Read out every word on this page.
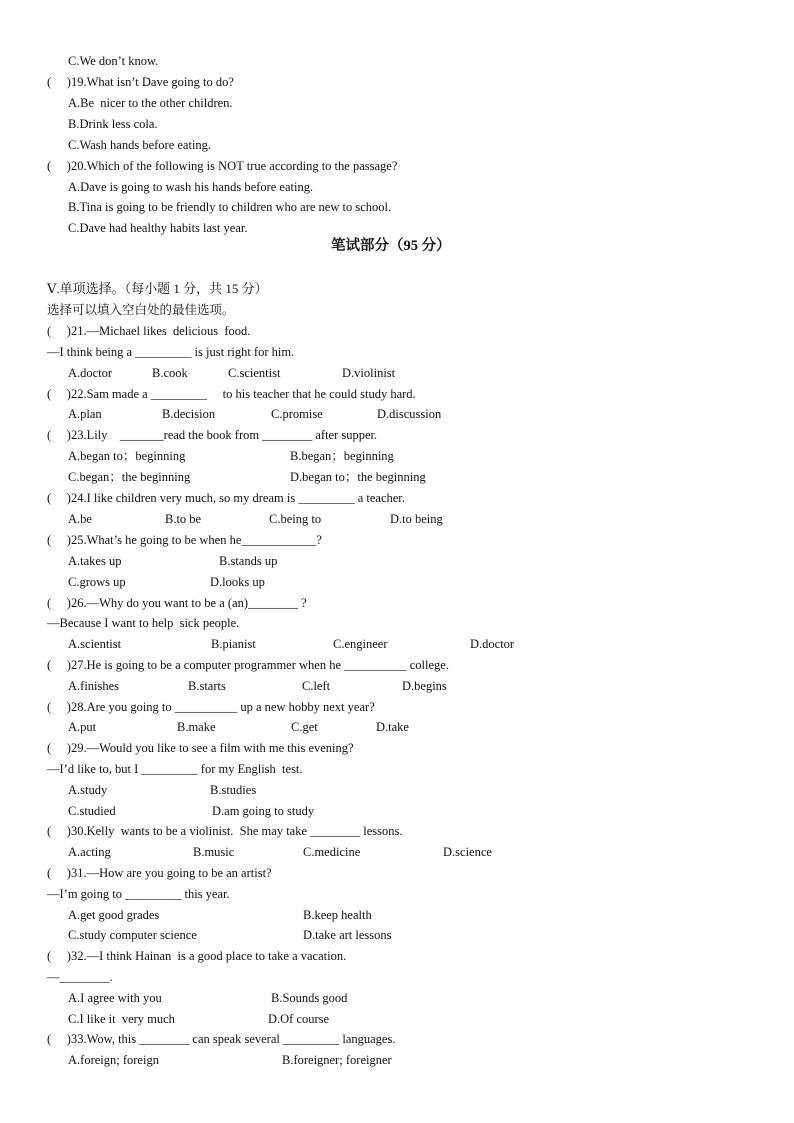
C.We don’t know.
(     )19.What isn’t Dave going to do?
A.Be  nicer to the other children.
B.Drink less cola.
C.Wash hands before eating.
(     )20.Which of the following is NOT true according to the passage?
A.Dave is going to wash his hands before eating.
B.Tina is going to be friendly to children who are new to school.
C.Dave had healthy habits last year.
笔试部分（95 分）
Ⅴ.单项选择。（每小题 1 分，共 15 分）
选择可以填入空白处的最佳选项。
(     )21.—Michael likes  delicious  food.
—I think being a _________ is just right for him.
A.doctor	B.cook	C.scientist	D.violinist
(     )22.Sam made a _________     to his teacher that he could study hard.
A.plan	B.decision	C.promise	D.discussion
(     )23.Lily    _______read the book from ________ after supper.
A.began to；beginning	B.began；beginning
C.began；the beginning	D.began to；the beginning
(     )24.I like children very much, so my dream is _________ a teacher.
A.be	B.to be	C.being to	D.to being
(     )25.What’s he going to be when he____________?
A.takes up	B.stands up
C.grows up	D.looks up
(     )26.—Why do you want to be a (an)________ ?
—Because I want to help  sick people.
A.scientist	B.pianist	C.engineer	D.doctor
(     )27.He is going to be a computer programmer when he __________ college.
A.finishes	B.starts	C.left	D.begins
(     )28.Are you going to __________ up a new hobby next year?
A.put	B.make	C.get	D.take
(     )29.—Would you like to see a film with me this evening?
—I’d like to, but I _________ for my English  test.
A.study	B.studies
C.studied	D.am going to study
(     )30.Kelly  wants to be a violinist.  She may take ________ lessons.
A.acting	B.music	C.medicine	D.science
(     )31.—How are you going to be an artist?
—I’m going to _________ this year.
A.get good grades	B.keep health
C.study computer science	D.take art lessons
(     )32.—I think Hainan  is a good place to take a vacation.
—________.
A.I agree with you	B.Sounds good
C.I like it  very much	D.Of course
(     )33.Wow, this ________ can speak several _________ languages.
A.foreign; foreign	B.foreigner; foreigner
